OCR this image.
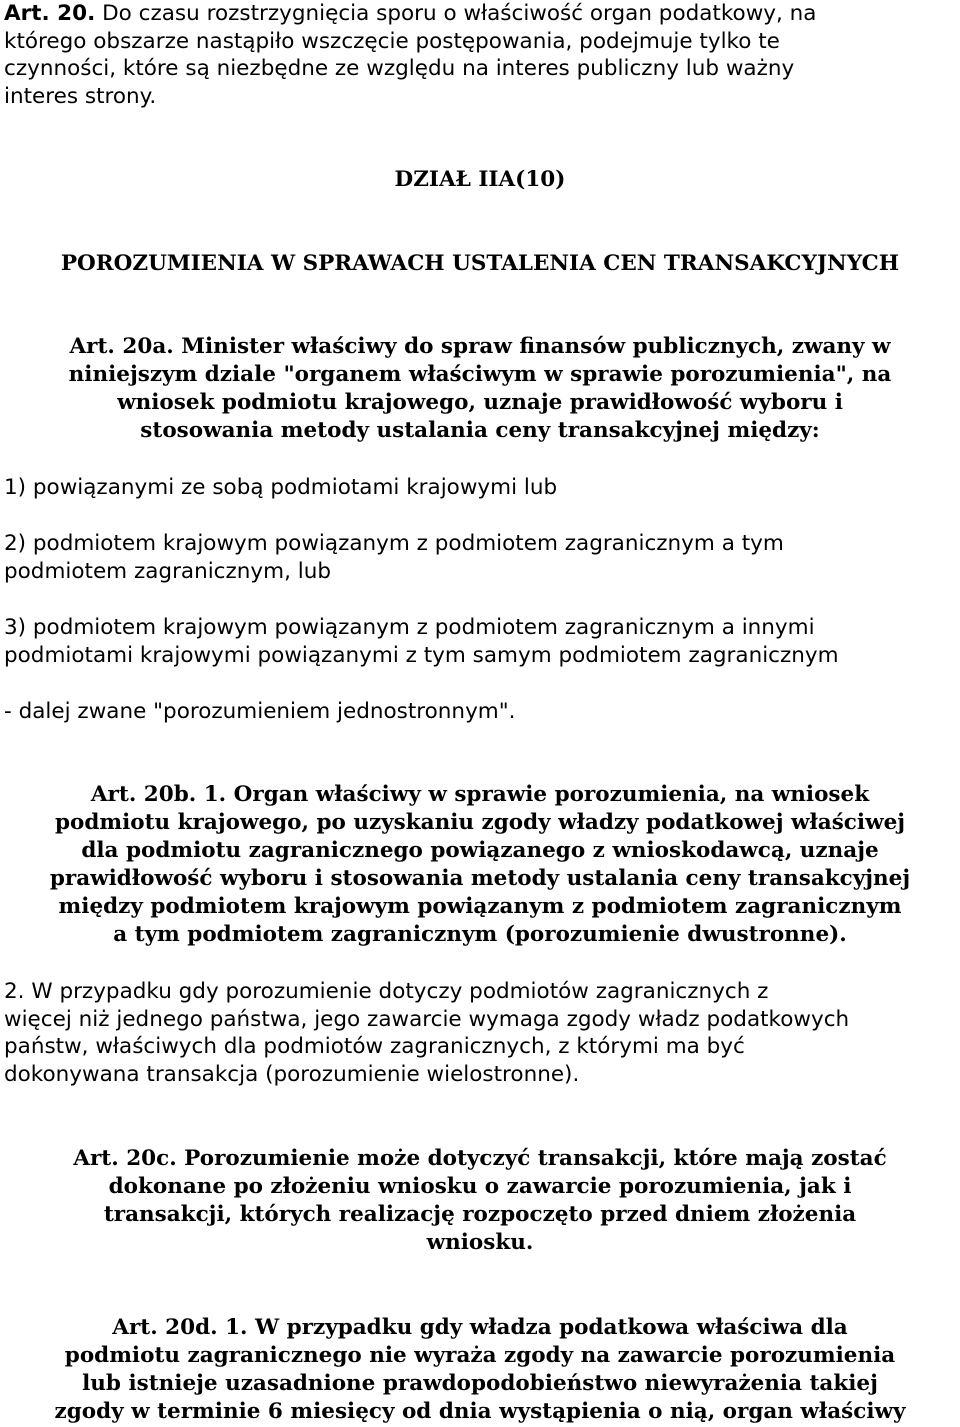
Art. 20. Do czasu rozstrzygnięcia sporu o właściwość organ podatkowy, na
którego obszarze nastąpiło wszczęcie postępowania, podejmuje tylko te
czynności, które są niezbędne ze względu na interes publiczny lub ważny
interes strony.
DZIAŁ IIA(10)
POROZUMIENIA W SPRAWACH USTALENIA CEN TRANSAKCYJNYCH
Art. 20a. Minister właściwy do spraw finansów publicznych, zwany w
niniejszym dziale "organem właściwym w sprawie porozumienia", na
wniosek podmiotu krajowego, uznaje prawidłowość wyboru i
stosowania metody ustalania ceny transakcyjnej między:
1) powiązanymi ze sobą podmiotami krajowymi lub
2) podmiotem krajowym powiązanym z podmiotem zagranicznym a tym
podmiotem zagranicznym, lub
3) podmiotem krajowym powiązanym z podmiotem zagranicznym a innymi
podmiotami krajowymi powiązanymi z tym samym podmiotem zagranicznym
- dalej zwane "porozumieniem jednostronnym".
Art. 20b. 1. Organ właściwy w sprawie porozumienia, na wniosek
podmiotu krajowego, po uzyskaniu zgody władzy podatkowej właściwej
dla podmiotu zagranicznego powiązanego z wnioskodawcą, uznaje
prawidłowość wyboru i stosowania metody ustalania ceny transakcyjnej
między podmiotem krajowym powiązanym z podmiotem zagranicznym
a tym podmiotem zagranicznym (porozumienie dwustronne).
2. W przypadku gdy porozumienie dotyczy podmiotów zagranicznych z
więcej niż jednego państwa, jego zawarcie wymaga zgody władz podatkowych
państw, właściwych dla podmiotów zagranicznych, z którymi ma być
dokonywana transakcja (porozumienie wielostronne).
Art. 20c. Porozumienie może dotyczyć transakcji, które mają zostać
dokonane po złożeniu wniosku o zawarcie porozumienia, jak i
transakcji, których realizację rozpoczęto przed dniem złożenia
wniosku.
Art. 20d. 1. W przypadku gdy władza podatkowa właściwa dla
podmiotu zagranicznego nie wyraża zgody na zawarcie porozumienia
lub istnieje uzasadnione prawdopodobieństwo niewyrażenia takiej
zgody w terminie 6 miesięcy od dnia wystąpienia o nią, organ właściwy
